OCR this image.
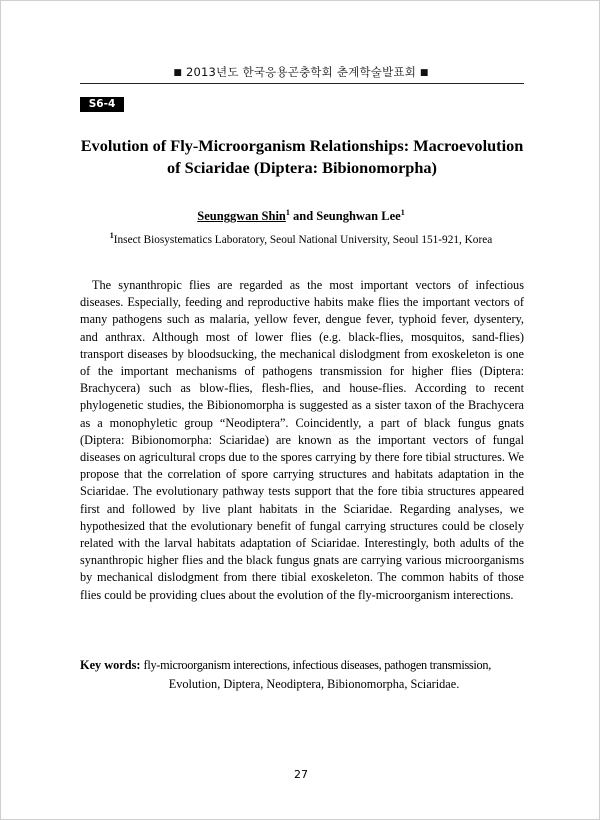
■ 2013년도 한국응용곤충학회 춘계학술발표회 ■
S6-4
Evolution of Fly-Microorganism Relationships: Macroevolution of Sciaridae (Diptera: Bibionomorpha)
Seunggwan Shin$^1$ and Seunghwan Lee$^1$
$^1$Insect Biosystematics Laboratory, Seoul National University, Seoul 151-921, Korea

The synanthropic flies are regarded as the most important vectors of infectious diseases. Especially, feeding and reproductive habits make flies the important vectors of many pathogens such as malaria, yellow fever, dengue fever, typhoid fever, dysentery, and anthrax. Although most of lower flies (e.g. black-flies, mosquitos, sand-flies) transport diseases by bloodsucking, the mechanical dislodgment from exoskeleton is one of the important mechanisms of pathogens transmission for higher flies (Diptera: Brachycera) such as blow-flies, flesh-flies, and house-flies. According to recent phylogenetic studies, the Bibionomorpha is suggested as a sister taxon of the Brachycera as a monophyletic group “Neodiptera”. Coincidently, a part of black fungus gnats (Diptera: Bibionomorpha: Sciaridae) are known as the important vectors of fungal diseases on agricultural crops due to the spores carrying by there fore tibial structures. We propose that the correlation of spore carrying structures and habitats adaptation in the Sciaridae. The evolutionary pathway tests support that the fore tibia structures appeared first and followed by live plant habitats in the Sciaridae. Regarding analyses, we hypothesized that the evolutionary benefit of fungal carrying structures could be closely related with the larval habitats adaptation of Sciaridae. Interestingly, both adults of the synanthropic higher flies and the black fungus gnats are carrying various microorganisms by mechanical dislodgment from there tibial exoskeleton. The common habits of those flies could be providing clues about the evolution of the fly-microorganism interections.

Key words: fly-microorganism interections, infectious diseases, pathogen transmission,
Evolution, Diptera, Neodiptera, Bibionomorpha, Sciaridae.

27
